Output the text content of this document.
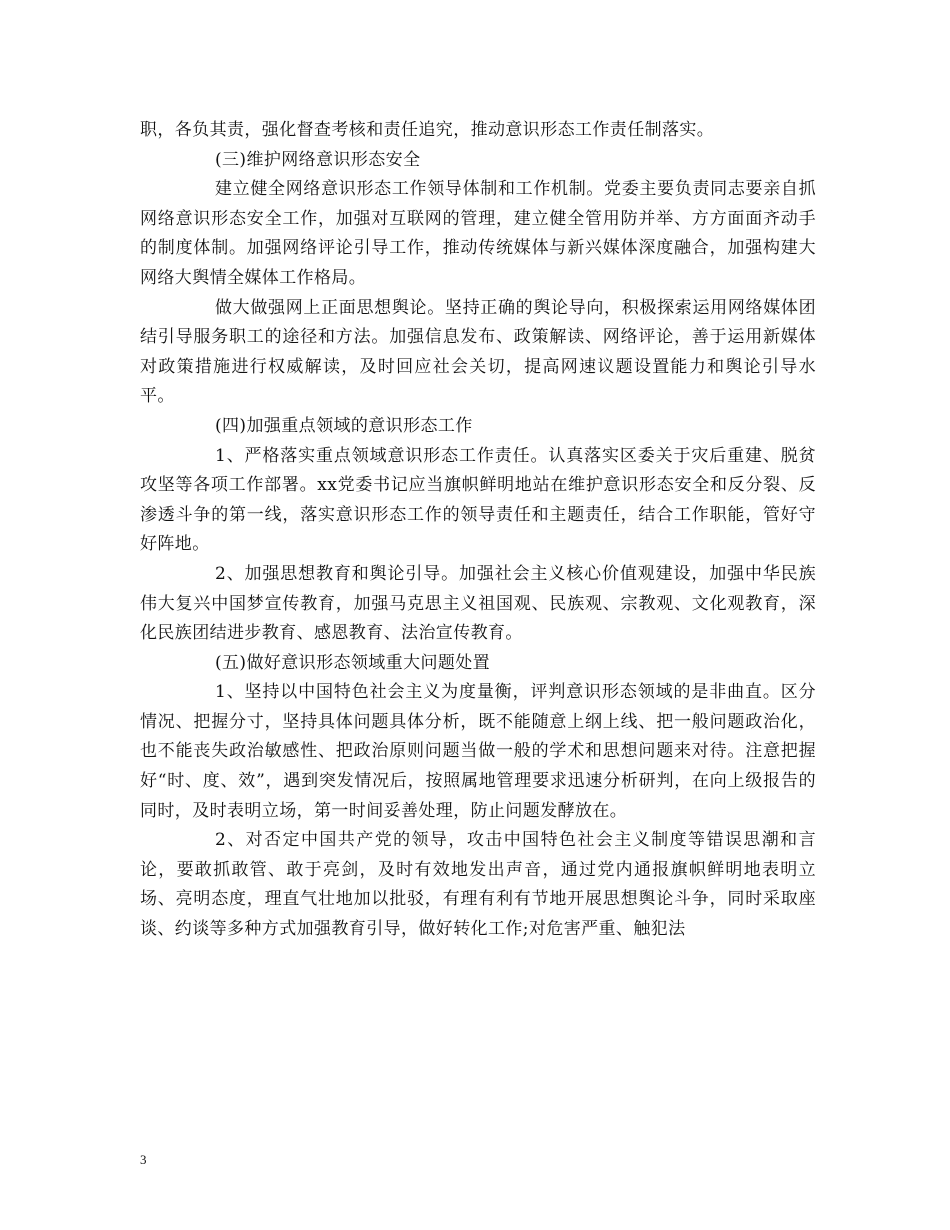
职，各负其责，强化督查考核和责任追究，推动意识形态工作责任制落实。

(三)维护网络意识形态安全

建立健全网络意识形态工作领导体制和工作机制。党委主要负责同志要亲自抓网络意识形态安全工作，加强对互联网的管理，建立健全管用防并举、方方面面齐动手的制度体制。加强网络评论引导工作，推动传统媒体与新兴媒体深度融合，加强构建大网络大舆情全媒体工作格局。

做大做强网上正面思想舆论。坚持正确的舆论导向，积极探索运用网络媒体团结引导服务职工的途径和方法。加强信息发布、政策解读、网络评论，善于运用新媒体对政策措施进行权威解读，及时回应社会关切，提高网速议题设置能力和舆论引导水平。

(四)加强重点领域的意识形态工作

1、严格落实重点领域意识形态工作责任。认真落实区委关于灾后重建、脱贫攻坚等各项工作部署。xx党委书记应当旗帜鲜明地站在维护意识形态安全和反分裂、反渗透斗争的第一线，落实意识形态工作的领导责任和主题责任，结合工作职能，管好守好阵地。

2、加强思想教育和舆论引导。加强社会主义核心价值观建设，加强中华民族伟大复兴中国梦宣传教育，加强马克思主义祖国观、民族观、宗教观、文化观教育，深化民族团结进步教育、感恩教育、法治宣传教育。

(五)做好意识形态领域重大问题处置

1、坚持以中国特色社会主义为度量衡，评判意识形态领域的是非曲直。区分情况、把握分寸，坚持具体问题具体分析，既不能随意上纲上线、把一般问题政治化，也不能丧失政治敏感性、把政治原则问题当做一般的学术和思想问题来对待。注意把握好“时、度、效”，遇到突发情况后，按照属地管理要求迅速分析研判，在向上级报告的同时，及时表明立场，第一时间妥善处理，防止问题发酵放在。

2、对否定中国共产党的领导，攻击中国特色社会主义制度等错误思潮和言论，要敢抓敢管、敢于亮剑，及时有效地发出声音，通过党内通报旗帜鲜明地表明立场、亮明态度，理直气壮地加以批驳，有理有利有节地开展思想舆论斗争，同时采取座谈、约谈等多种方式加强教育引导，做好转化工作;对危害严重、触犯法

3
